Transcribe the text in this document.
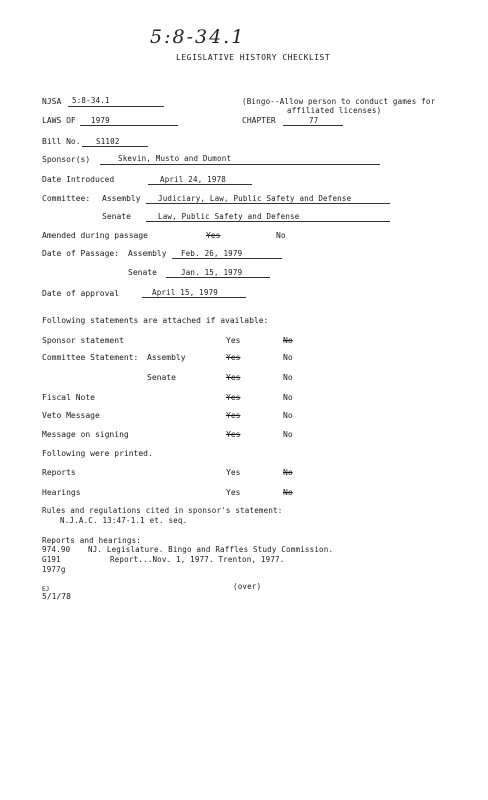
5:8-34.1
LEGISLATIVE HISTORY CHECKLIST
NJSA 5:8-34.1	(Bingo--Allow person to conduct games for
affiliated licenses)
LAWS OF 1979	CHAPTER	77
Bill No. S1102
Sponsor(s)	Skevin, Musto and Dumont
Date Introduced	April 24, 1978
Committee: Assembly Judiciary, Law, Public Safety and Defense
Senate	Law, Public Safety and Defense
Amended during passage	Yes	No
Date of Passage: Assembly Feb. 26, 1979
Senate	Jan. 15, 1979
Date of approval	April 15, 1979
Following statements are attached if available:
Sponsor statement	Yes	No
Committee Statement: Assembly	Yes	No
Senate	Yes	No
Fiscal Note	Yes	No
Veto Message	Yes	No
Message on signing	Yes	No
Following were printed.
Reports	Yes	No
Hearings	Yes	No
Rules and regulations cited in sponsor's statement:
N.J.A.C. 13:47-1.1 et. seq.
Reports and hearings:
974.90 NJ. Legislature. Bingo and Raffles Study Commission.
G191	Report...Nov. 1, 1977. Trenton, 1977.
1977g
EJ
5/1/78
(over)
